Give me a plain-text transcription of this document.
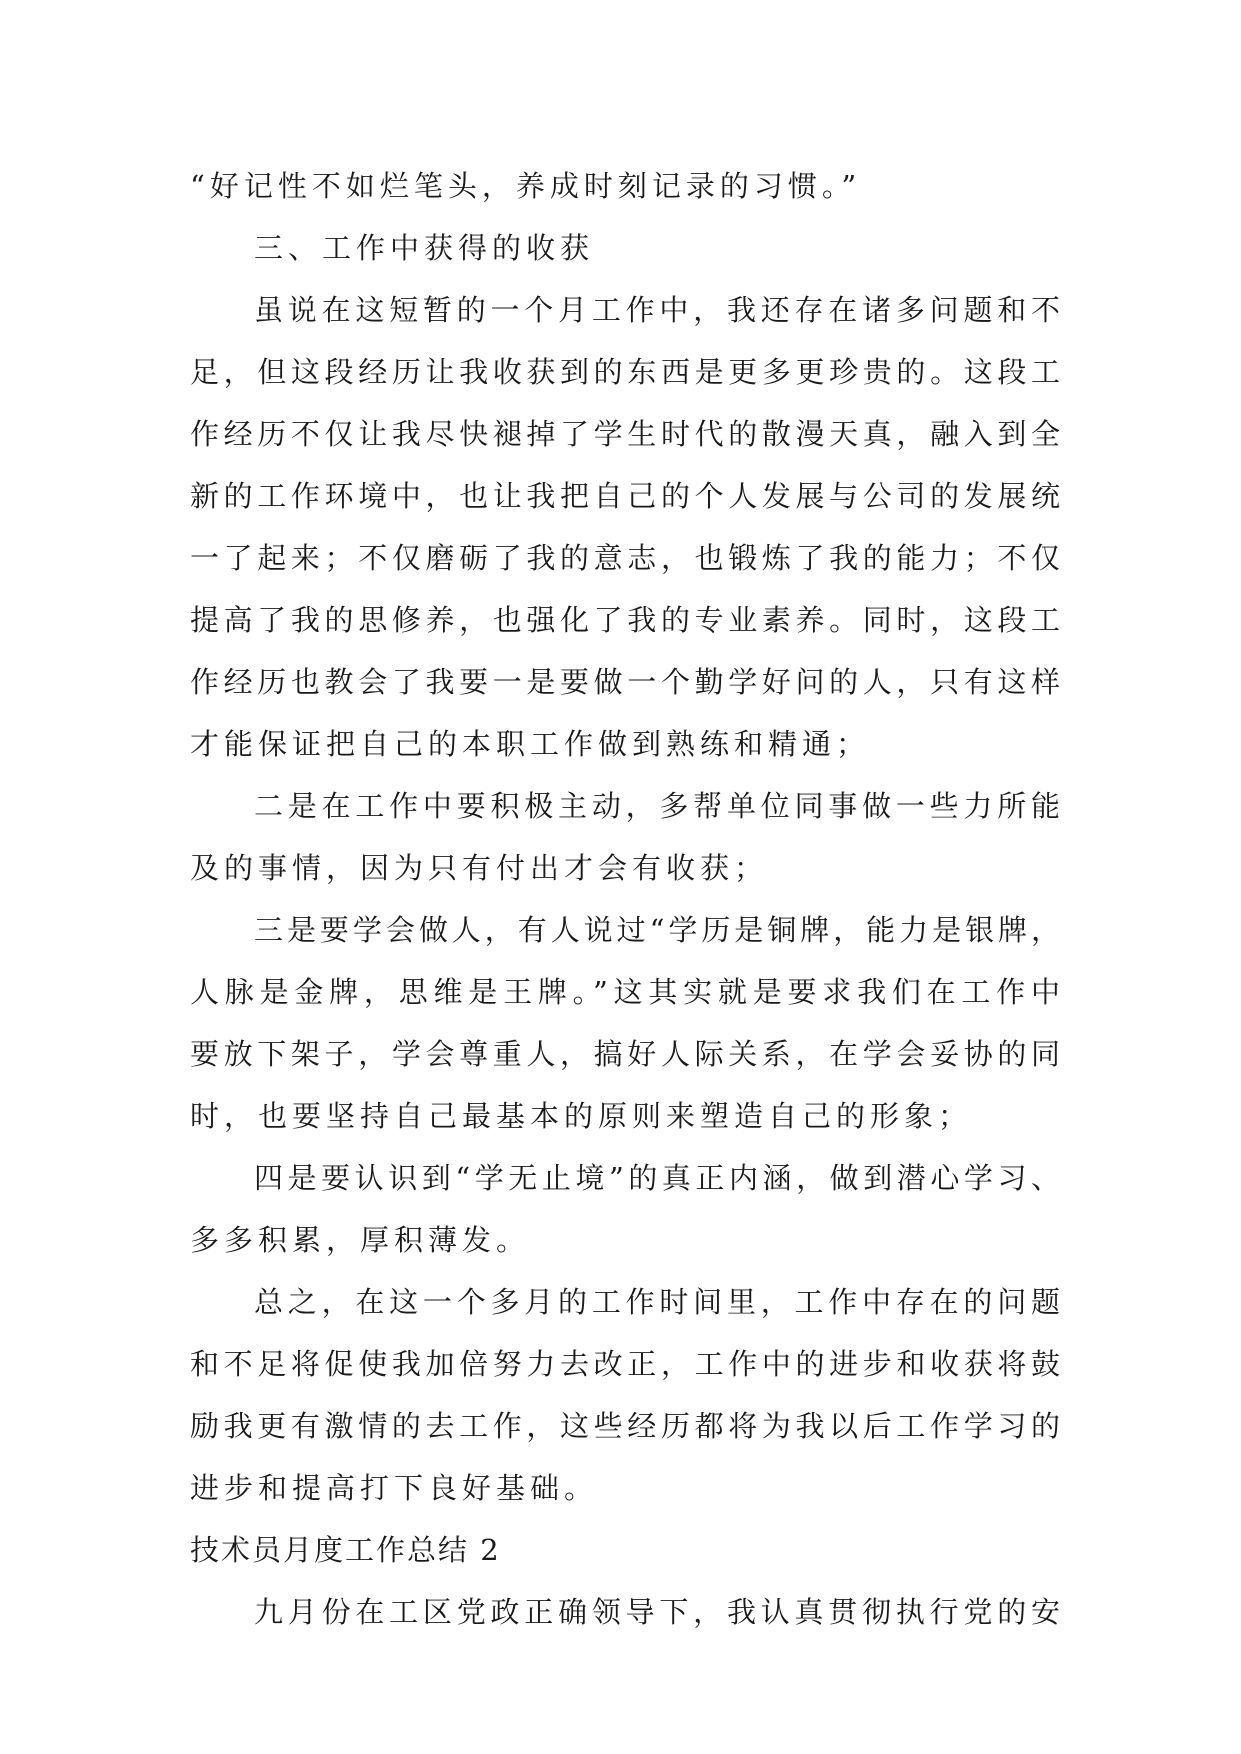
“好记性不如烂笔头，养成时刻记录的习惯。”
三、工作中获得的收获
虽说在这短暂的一个月工作中，我还存在诸多问题和不
足，但这段经历让我收获到的东西是更多更珍贵的。这段工
作经历不仅让我尽快褪掉了学生时代的散漫天真，融入到全
新的工作环境中，也让我把自己的个人发展与公司的发展统
一了起来；不仅磨砺了我的意志，也锻炼了我的能力；不仅
提高了我的思修养，也强化了我的专业素养。同时，这段工
作经历也教会了我要一是要做一个勤学好问的人，只有这样
才能保证把自己的本职工作做到熟练和精通；
二是在工作中要积极主动，多帮单位同事做一些力所能
及的事情，因为只有付出才会有收获；
三是要学会做人，有人说过“学历是铜牌，能力是银牌，
人脉是金牌，思维是王牌。”这其实就是要求我们在工作中
要放下架子，学会尊重人，搞好人际关系，在学会妥协的同
时，也要坚持自己最基本的原则来塑造自己的形象；
四是要认识到“学无止境”的真正内涵，做到潜心学习、
多多积累，厚积薄发。
总之，在这一个多月的工作时间里，工作中存在的问题
和不足将促使我加倍努力去改正，工作中的进步和收获将鼓
励我更有激情的去工作，这些经历都将为我以后工作学习的
进步和提高打下良好基础。
技术员月度工作总结 2
九月份在工区党政正确领导下，我认真贯彻执行党的安
